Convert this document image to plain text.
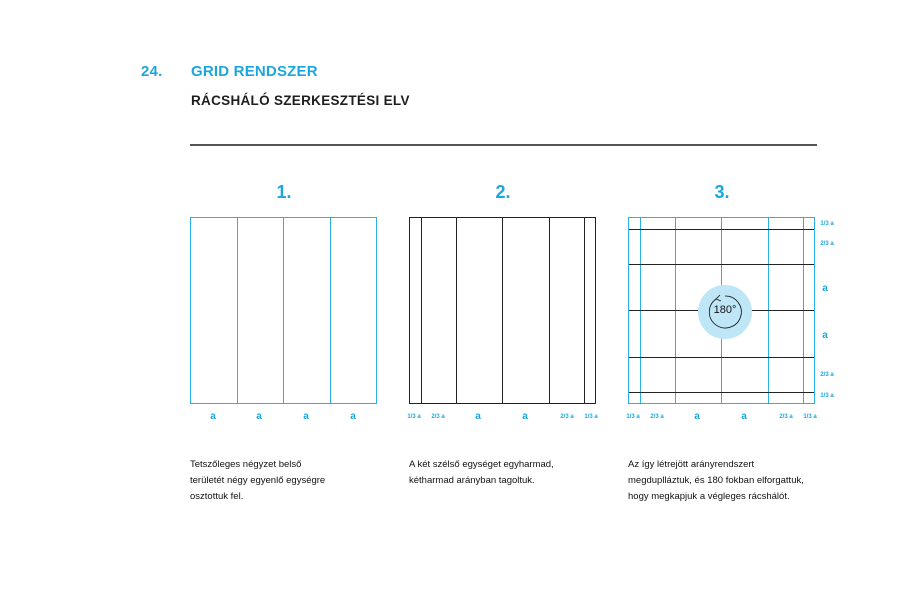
24. GRID RENDSZER
RÁCSHÁLÓ SZERKESZTÉSI ELV
1.	2.	3.
a	a	a	a	1/3 a	2/3 a	a	a	2/3 a	1/3 a
180°
1/3 a	2/3 a	a	a	2/3 a	1/3 a
1/3 a
2/3 a
a
a
2/3 a
1/3 a
Tetszőleges négyzet belső
területét négy egyenlő egységre
osztottuk fel.
A két szélső egységet egyharmad,
kétharmad arányban tagoltuk.
Az így létrejött arányrendszert
megduplláztuk, és 180 fokban elforgattuk,
hogy megkapjuk a végleges rácshálót.
